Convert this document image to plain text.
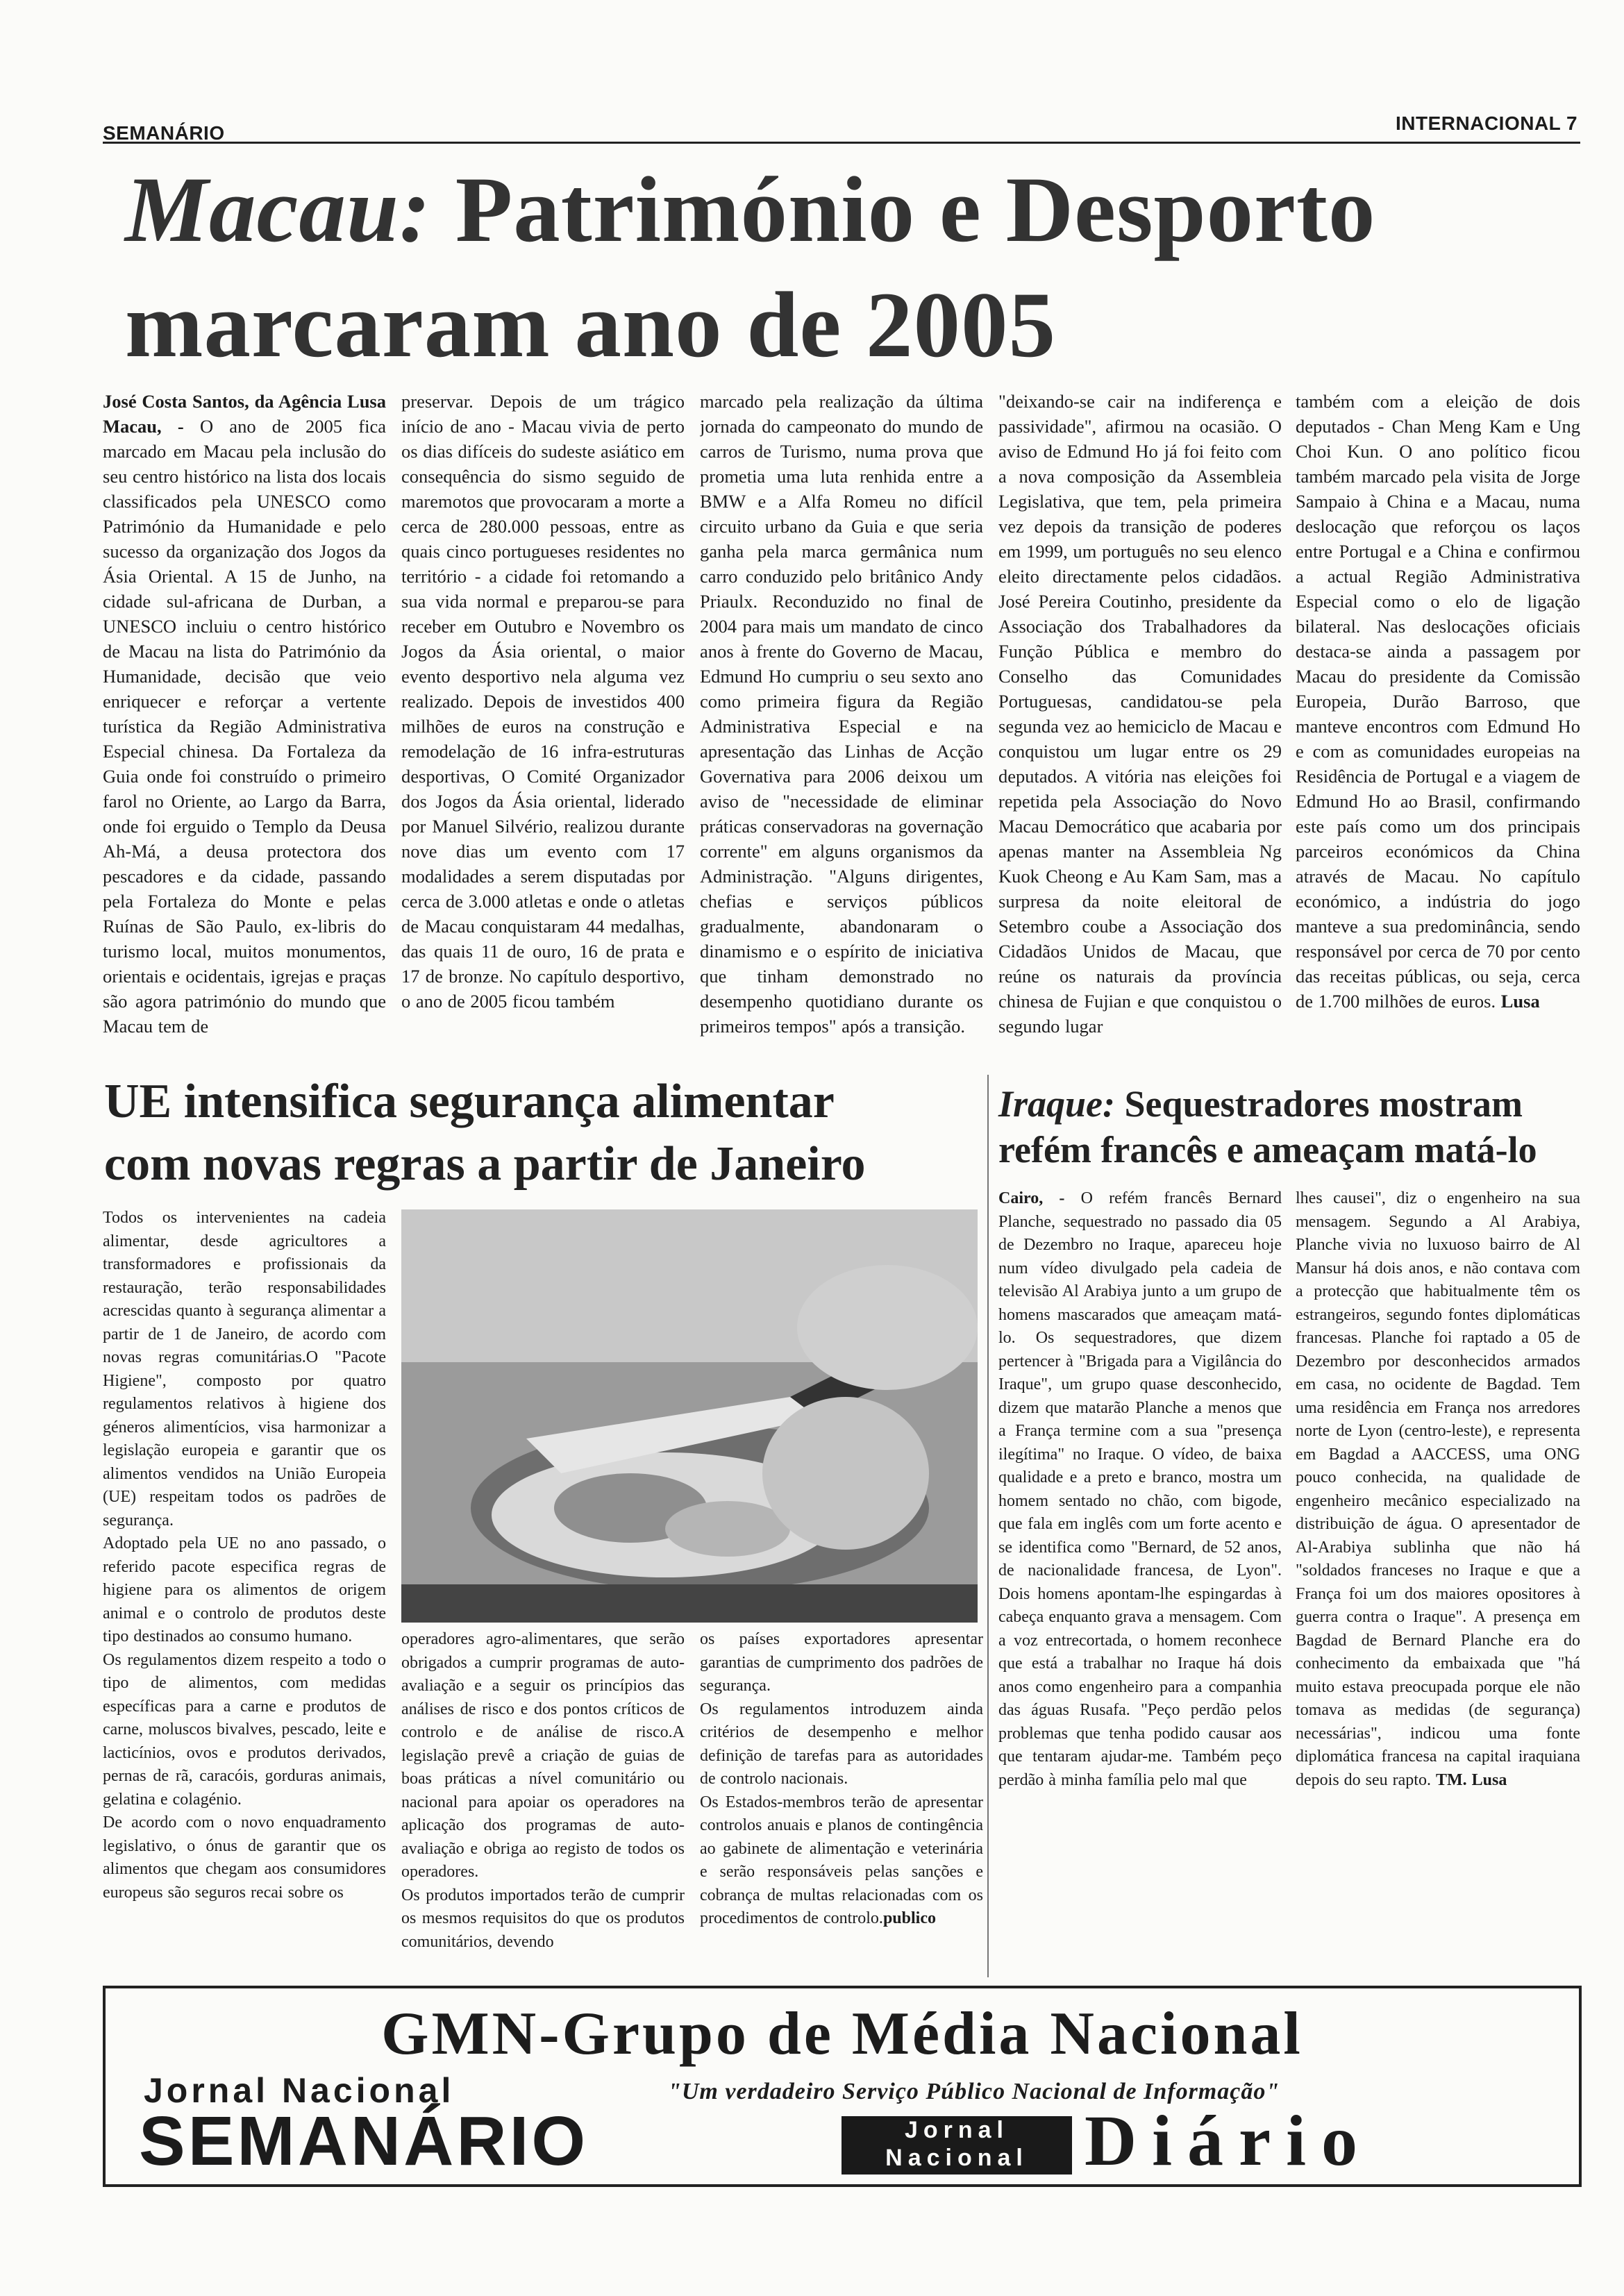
SEMANÁRIO	INTERNACIONAL 7
Macau: Património e Desporto
marcaram ano de 2005
José Costa Santos, da Agência Lusa Macau, - O ano de 2005 fica marcado em Macau pela inclusão do seu centro histórico na lista dos locais classificados pela UNESCO como Património da Humanidade e pelo sucesso da organização dos Jogos da Ásia Oriental. A 15 de Junho, na cidade sul-africana de Durban, a UNESCO incluiu o centro histórico de Macau na lista do Património da Humanidade, decisão que veio enriquecer e reforçar a vertente turística da Região Administrativa Especial chinesa. Da Fortaleza da Guia onde foi construído o primeiro farol no Oriente, ao Largo da Barra, onde foi erguido o Templo da Deusa Ah-Má, a deusa protectora dos pescadores e da cidade, passando pela Fortaleza do Monte e pelas Ruínas de São Paulo, ex-libris do turismo local, muitos monumentos, orientais e ocidentais, igrejas e praças são agora património do mundo que Macau tem de
preservar. Depois de um trágico início de ano - Macau vivia de perto os dias difíceis do sudeste asiático em consequência do sismo seguido de maremotos que provocaram a morte a cerca de 280.000 pessoas, entre as quais cinco portugueses residentes no território - a cidade foi retomando a sua vida normal e preparou-se para receber em Outubro e Novembro os Jogos da Ásia oriental, o maior evento desportivo nela alguma vez realizado. Depois de investidos 400 milhões de euros na construção e remodelação de 16 infra-estruturas desportivas, O Comité Organizador dos Jogos da Ásia oriental, liderado por Manuel Silvério, realizou durante nove dias um evento com 17 modalidades a serem disputadas por cerca de 3.000 atletas e onde o atletas de Macau conquistaram 44 medalhas, das quais 11 de ouro, 16 de prata e 17 de bronze. No capítulo desportivo, o ano de 2005 ficou também
marcado pela realização da última jornada do campeonato do mundo de carros de Turismo, numa prova que prometia uma luta renhida entre a BMW e a Alfa Romeu no difícil circuito urbano da Guia e que seria ganha pela marca germânica num carro conduzido pelo britânico Andy Priaulx. Reconduzido no final de 2004 para mais um mandato de cinco anos à frente do Governo de Macau, Edmund Ho cumpriu o seu sexto ano como primeira figura da Região Administrativa Especial e na apresentação das Linhas de Acção Governativa para 2006 deixou um aviso de "necessidade de eliminar práticas conservadoras na governação corrente" em alguns organismos da Administração. "Alguns dirigentes, chefias e serviços públicos gradualmente, abandonaram o dinamismo e o espírito de iniciativa que tinham demonstrado no desempenho quotidiano durante os primeiros tempos" após a transição.
"deixando-se cair na indiferença e passividade", afirmou na ocasião. O aviso de Edmund Ho já foi feito com a nova composição da Assembleia Legislativa, que tem, pela primeira vez depois da transição de poderes em 1999, um português no seu elenco eleito directamente pelos cidadãos. José Pereira Coutinho, presidente da Associação dos Trabalhadores da Função Pública e membro do Conselho das Comunidades Portuguesas, candidatou-se pela segunda vez ao hemiciclo de Macau e conquistou um lugar entre os 29 deputados. A vitória nas eleições foi repetida pela Associação do Novo Macau Democrático que acabaria por apenas manter na Assembleia Ng Kuok Cheong e Au Kam Sam, mas a surpresa da noite eleitoral de Setembro coube a Associação dos Cidadãos Unidos de Macau, que reúne os naturais da província chinesa de Fujian e que conquistou o segundo lugar
também com a eleição de dois deputados - Chan Meng Kam e Ung Choi Kun. O ano político ficou também marcado pela visita de Jorge Sampaio à China e a Macau, numa deslocação que reforçou os laços entre Portugal e a China e confirmou a actual Região Administrativa Especial como o elo de ligação bilateral. Nas deslocações oficiais destaca-se ainda a passagem por Macau do presidente da Comissão Europeia, Durão Barroso, que manteve encontros com Edmund Ho e com as comunidades europeias na Residência de Portugal e a viagem de Edmund Ho ao Brasil, confirmando este país como um dos principais parceiros económicos da China através de Macau. No capítulo económico, a indústria do jogo manteve a sua predominância, sendo responsável por cerca de 70 por cento das receitas públicas, ou seja, cerca de 1.700 milhões de euros. Lusa
UE intensifica segurança alimentar
com novas regras a partir de Janeiro
Todos os intervenientes na cadeia alimentar, desde agricultores a transformadores e profissionais da restauração, terão responsabilidades acrescidas quanto à segurança alimentar a partir de 1 de Janeiro, de acordo com novas regras comunitárias.O "Pacote Higiene", composto por quatro regulamentos relativos à higiene dos géneros alimentícios, visa harmonizar a legislação europeia e garantir que os alimentos vendidos na União Europeia (UE) respeitam todos os padrões de segurança.
Adoptado pela UE no ano passado, o referido pacote especifica regras de higiene para os alimentos de origem animal e o controlo de produtos deste tipo destinados ao consumo humano.
Os regulamentos dizem respeito a todo o tipo de alimentos, com medidas específicas para a carne e produtos de carne, moluscos bivalves, pescado, leite e lacticínios, ovos e produtos derivados, pernas de rã, caracóis, gorduras animais, gelatina e colagénio.
De acordo com o novo enquadramento legislativo, o ónus de garantir que os alimentos que chegam aos consumidores europeus são seguros recai sobre os
operadores agro-alimentares, que serão obrigados a cumprir programas de auto-avaliação e a seguir os princípios das análises de risco e dos pontos críticos de controlo e de análise de risco.A legislação prevê a criação de guias de boas práticas a nível comunitário ou nacional para apoiar os operadores na aplicação dos programas de auto-avaliação e obriga ao registo de todos os operadores.
Os produtos importados terão de cumprir os mesmos requisitos do que os produtos comunitários, devendo
os países exportadores apresentar garantias de cumprimento dos padrões de segurança.
Os regulamentos introduzem ainda critérios de desempenho e melhor definição de tarefas para as autoridades de controlo nacionais.
Os Estados-membros terão de apresentar controlos anuais e planos de contingência ao gabinete de alimentação e veterinária e serão responsáveis pelas sanções e cobrança de multas relacionadas com os procedimentos de controlo.publico
Iraque: Sequestradores mostram
refém francês e ameaçam matá-lo
Cairo, - O refém francês Bernard Planche, sequestrado no passado dia 05 de Dezembro no Iraque, apareceu hoje num vídeo divulgado pela cadeia de televisão Al Arabiya junto a um grupo de homens mascarados que ameaçam matá-lo. Os sequestradores, que dizem pertencer à "Brigada para a Vigilância do Iraque", um grupo quase desconhecido, dizem que matarão Planche a menos que a França termine com a sua "presença ilegítima" no Iraque. O vídeo, de baixa qualidade e a preto e branco, mostra um homem sentado no chão, com bigode, que fala em inglês com um forte acento e se identifica como "Bernard, de 52 anos, de nacionalidade francesa, de Lyon". Dois homens apontam-lhe espingardas à cabeça enquanto grava a mensagem. Com a voz entrecortada, o homem reconhece que está a trabalhar no Iraque há dois anos como engenheiro para a companhia das águas Rusafa. "Peço perdão pelos problemas que tenha podido causar aos que tentaram ajudar-me. Também peço perdão à minha família pelo mal que
lhes causei", diz o engenheiro na sua mensagem. Segundo a Al Arabiya, Planche vivia no luxuoso bairro de Al Mansur há dois anos, e não contava com a protecção que habitualmente têm os estrangeiros, segundo fontes diplomáticas francesas. Planche foi raptado a 05 de Dezembro por desconhecidos armados em casa, no ocidente de Bagdad. Tem uma residência em França nos arredores norte de Lyon (centro-leste), e representa em Bagdad a AACCESS, uma ONG pouco conhecida, na qualidade de engenheiro mecânico especializado na distribuição de água. O apresentador de Al-Arabiya sublinha que não há "soldados franceses no Iraque e que a França foi um dos maiores opositores à guerra contra o Iraque". A presença em Bagdad de Bernard Planche era do conhecimento da embaixada que "há muito estava preocupada porque ele não tomava as medidas (de segurança) necessárias", indicou uma fonte diplomática francesa na capital iraquiana depois do seu rapto. TM. Lusa
GMN-Grupo de Média Nacional
Jornal Nacional
SEMANÁRIO
"Um verdadeiro Serviço Público Nacional de Informação"
Jornal
Nacional Diário
